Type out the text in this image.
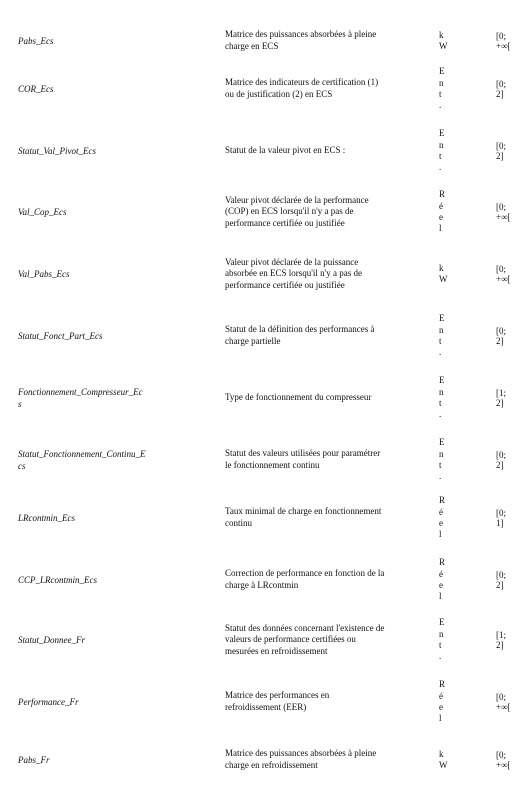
Pabs_Ecs
Matrice des puissances absorbées à pleine charge en ECS
k
W
[0;
+∞[
COR_Ecs
Matrice des indicateurs de certification (1) ou de justification (2) en ECS
E
n
t
.
[0;
2]
Statut_Val_Pivot_Ecs	Statut de la valeur pivot en ECS :
E
n
t
.
[0;
2]
Val_Cop_Ecs
Valeur pivot déclarée de la performance (COP) en ECS lorsqu'il n'y a pas de performance certifiée ou justifiée
R
é
e
l
[0;
+∞[
Val_Pabs_Ecs
Valeur pivot déclarée de la puissance absorbée en ECS lorsqu'il n'y a pas de performance certifiée ou justifiée
k
W
[0;
+∞[
Statut_Fonct_Part_Ecs
Statut de la définition des performances à charge partielle
E
n
t
.
[0;
2]
Fonctionnement_Compresseur_Ec
s
Type de fonctionnement du compresseur
E
n
t
.
[1;
2]
Statut_Fonctionnement_Continu_E
cs
Statut des valeurs utilisées pour paramétrer le fonctionnement continu
E
n
t
.
[0;
2]
LRcontmin_Ecs
Taux minimal de charge en fonctionnement continu
R
é
e
l
[0;
1]
CCP_LRcontmin_Ecs
Correction de performance en fonction de la charge à LRcontmin
R
é
e
l
[0;
2]
Statut_Donnee_Fr
Statut des données concernant l'existence de valeurs de performance certifiées ou mesurées en refroidissement
E
n
t
.
[1;
2]
Performance_Fr
Matrice des performances en refroidissement (EER)
R
é
e
l
[0;
+∞[
Pabs_Fr
Matrice des puissances absorbées à pleine charge en refroidissement
k
W
[0;
+∞[
